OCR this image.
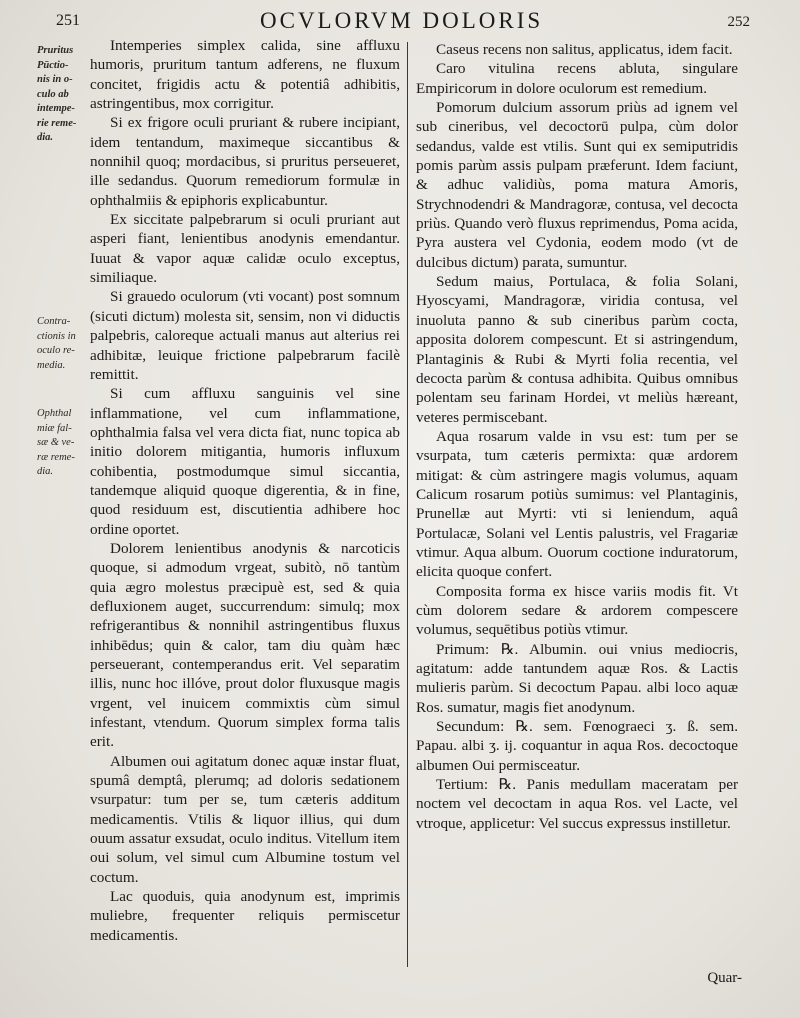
251	OCVLORVM DOLORIS	252
Pruritus
Pūctio-
nis in o-
culo ab
intempe-
rie reme-
dia.
Contra-
ctionis in
oculo re-
media.
Ophthal
miæ fal-
sæ & ve-
ræ reme-
dia.

Intemperies simplex calida, sine affluxu humoris, pruritum tantum adferens, ne fluxum concitet, frigidis actu & potentiâ adhibitis, astringentibus, mox corrigitur.

Si ex frigore oculi pruriant & rubere incipiant, idem tentandum, maximeque siccantibus & nonnihil quoq; mordacibus, si pruritus perseueret, ille sedandus. Quorum remediorum formulæ in ophthalmiis & epiphoris explicabuntur.

Ex siccitate palpebrarum si oculi pruriant aut asperi fiant, lenientibus anodynis emendantur. Iuuat & vapor aquæ calidæ oculo exceptus, similiaque.

Si grauedo oculorum (vti vocant) post somnum (sicuti dictum) molesta sit, sensim, non vi diductis palpebris, caloreque actuali manus aut alterius rei adhibitæ, leuique frictione palpebrarum facilè remittit.

Si cum affluxu sanguinis vel sine inflammatione, vel cum inflammatione, ophthalmia falsa vel vera dicta fiat, nunc topica ab initio dolorem mitigantia, humoris influxum cohibentia, postmodumque simul siccantia, tandemque aliquid quoque digerentia, & in fine, quod residuum est, discutientia adhibere hoc ordine oportet.

Dolorem lenientibus anodynis & narcoticis quoque, si admodum vrgeat, subitò, nō tantùm quia ægro molestus præcipuè est, sed & quia defluxionem auget, succurrendum: simulq; mox refrigerantibus & nonnihil astringentibus fluxus inhibēdus; quin & calor, tam diu quàm hæc perseuerant, contemperandus erit. Vel separatim illis, nunc hoc illóve, prout dolor fluxusque magis vrgent, vel inuicem commixtis cùm simul infestant, vtendum. Quorum simplex forma talis erit.

Albumen oui agitatum donec aquæ instar fluat, spumâ demptâ, plerumq; ad doloris sedationem vsurpatur: tum per se, tum cæteris additum medicamentis. Vtilis & liquor illius, qui dum ouum assatur exsudat, oculo inditus. Vitellum item oui solum, vel simul cum Albumine tostum vel coctum.

Lac quoduis, quia anodynum est, imprimis muliebre, frequenter reliquis permiscetur medicamentis.

Caseus recens non salitus, applicatus, idem facit.

Caro vitulina recens abluta, singulare Empiricorum in dolore oculorum est remedium.

Pomorum dulcium assorum priùs ad ignem vel sub cineribus, vel decoctorū pulpa, cùm dolor sedandus, valde est vtilis. Sunt qui ex semiputridis pomis parùm assis pulpam præferunt. Idem faciunt, & adhuc validiùs, poma matura Amoris, Strychnodendri & Mandragoræ, contusa, vel decocta priùs. Quando verò fluxus reprimendus, Poma acida, Pyra austera vel Cydonia, eodem modo (vt de dulcibus dictum) parata, sumuntur.

Sedum maius, Portulaca, & folia Solani, Hyoscyami, Mandragoræ, viridia contusa, vel inuoluta panno & sub cineribus parùm cocta, apposita dolorem compescunt. Et si astringendum, Plantaginis & Rubi & Myrti folia recentia, vel decocta parùm & contusa adhibita. Quibus omnibus polentam seu farinam Hordei, vt meliùs hæreant, veteres permiscebant.

Aqua rosarum valde in vsu est: tum per se vsurpata, tum cæteris permixta: quæ ardorem mitigat: & cùm astringere magis volumus, aquam Calicum rosarum potiùs sumimus: vel Plantaginis, Prunellæ aut Myrti: vti si leniendum, aquâ Portulacæ, Solani vel Lentis palustris, vel Fragariæ vtimur. Aqua album. Ouorum coctione induratorum, elicita quoque confert.

Composita forma ex hisce variis modis fit. Vt cùm dolorem sedare & ardorem compescere volumus, sequētibus potiùs vtimur.

Primum: ℞. Albumin. oui vnius mediocris, agitatum: adde tantundem aquæ Ros. & Lactis mulieris parùm. Si decoctum Papau. albi loco aquæ Ros. sumatur, magis fiet anodynum.

Secundum: ℞. sem. Fœnograeci ʒ. ß. sem. Papau. albi ʒ. ij. coquantur in aqua Ros. decoctoque albumen Oui permisceatur.

Tertium: ℞. Panis medullam maceratam per noctem vel decoctam in aqua Ros. vel Lacte, vel vtroque, applicetur: Vel succus expressus instilletur.

Quar-
